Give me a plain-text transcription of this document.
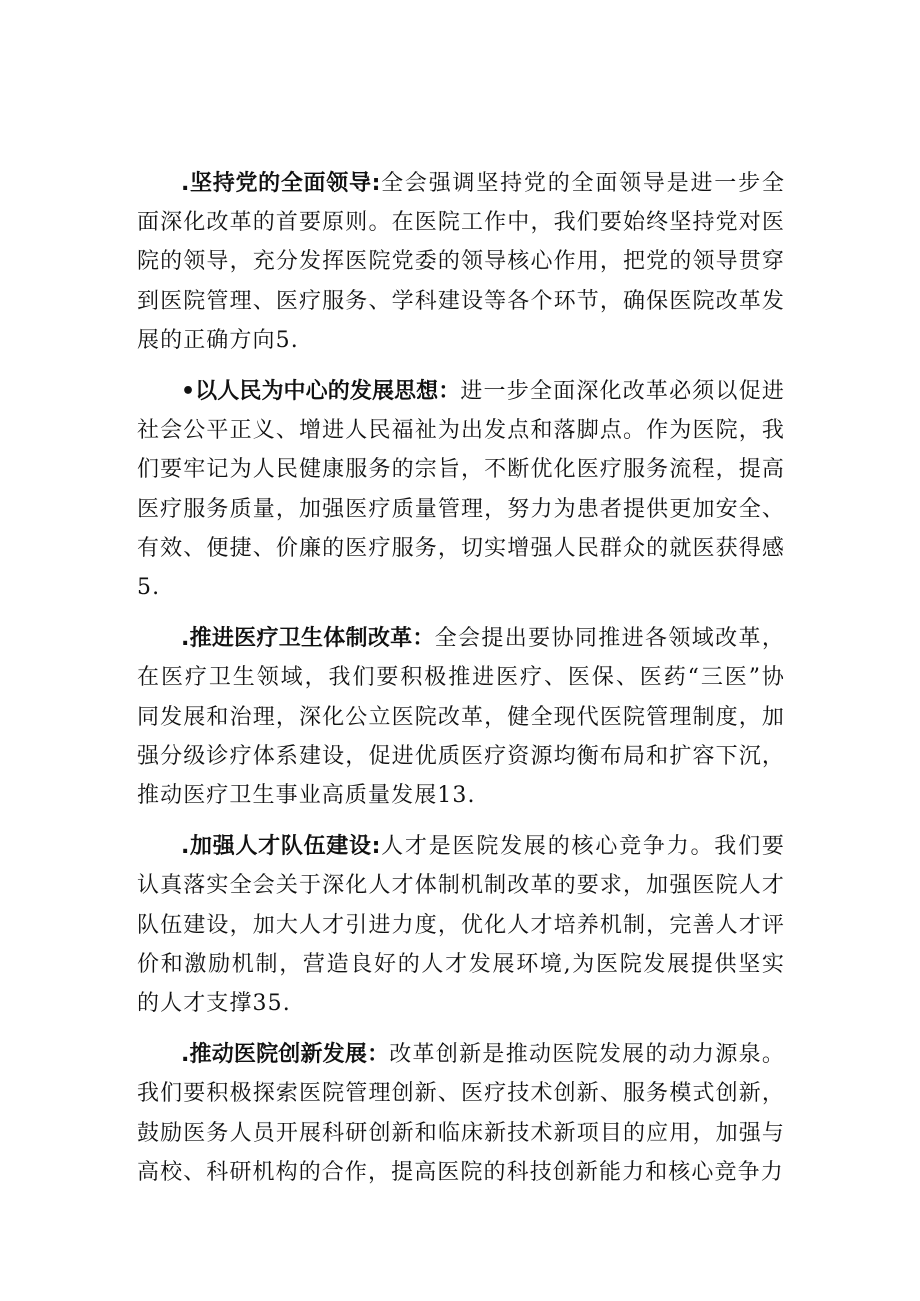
.坚持党的全面领导:全会强调坚持党的全面领导是进一步全面深化改革的首要原则。在医院工作中，我们要始终坚持党对医院的领导，充分发挥医院党委的领导核心作用，把党的领导贯穿到医院管理、医疗服务、学科建设等各个环节，确保医院改革发展的正确方向5.

•以人民为中心的发展思想：进一步全面深化改革必须以促进社会公平正义、增进人民福祉为出发点和落脚点。作为医院，我们要牢记为人民健康服务的宗旨，不断优化医疗服务流程，提高医疗服务质量，加强医疗质量管理，努力为患者提供更加安全、有效、便捷、价廉的医疗服务，切实增强人民群众的就医获得感5.

.推进医疗卫生体制改革：全会提出要协同推进各领域改革，在医疗卫生领域，我们要积极推进医疗、医保、医药“三医”协同发展和治理，深化公立医院改革，健全现代医院管理制度，加强分级诊疗体系建设，促进优质医疗资源均衡布局和扩容下沉，推动医疗卫生事业高质量发展13.

.加强人才队伍建设:人才是医院发展的核心竞争力。我们要认真落实全会关于深化人才体制机制改革的要求，加强医院人才队伍建设，加大人才引进力度，优化人才培养机制，完善人才评价和激励机制，营造良好的人才发展环境,为医院发展提供坚实的人才支撑35.

.推动医院创新发展：改革创新是推动医院发展的动力源泉。我们要积极探索医院管理创新、医疗技术创新、服务模式创新，鼓励医务人员开展科研创新和临床新技术新项目的应用，加强与高校、科研机构的合作，提高医院的科技创新能力和核心竞争力
